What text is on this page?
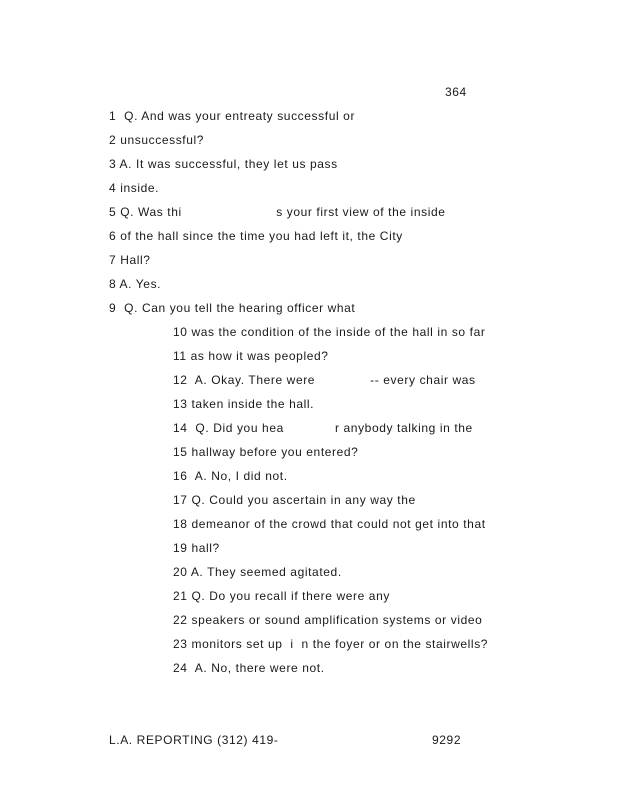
364
1  Q. And was your entreaty successful or
2 unsuccessful?
3 A. It was successful, they let us pass
4 inside.
5 Q. Was thi                        s your first view of the inside
6 of the hall since the time you had left it, the City
7 Hall?
8 A. Yes.
9  Q. Can you tell the hearing officer what
10 was the condition of the inside of the hall in so far
11 as how it was peopled?
12  A. Okay. There were              -- every chair was
13 taken inside the hall.
14  Q. Did you hea             r anybody talking in the
15 hallway before you entered?
16  A. No, I did not.
17 Q. Could you ascertain in any way the
18 demeanor of the crowd that could not get into that
19 hall?
20 A. They seemed agitated.
21 Q. Do you recall if there were any
22 speakers or sound amplification systems or video
23 monitors set up  i  n the foyer or on the stairwells?
24  A. No, there were not.
L.A. REPORTING (312) 419-	9292
